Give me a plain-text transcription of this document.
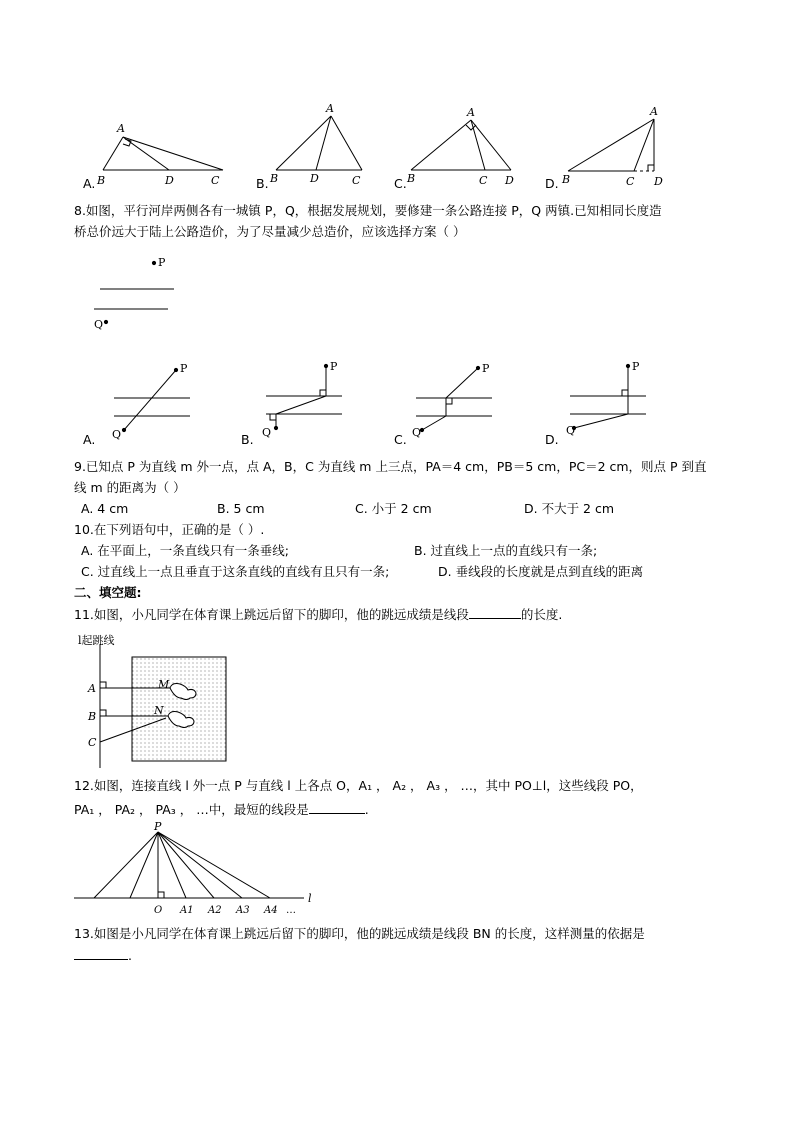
A.
A
B	D	C	B.
A
B	D	C	C.
A
B	C D D.
A
B	C D
8.如图，平行河岸两侧各有一城镇 P，Q，根据发展规划，要修建一条公路连接 P，Q 两镇.已知相同长度造
桥总价远大于陆上公路造价，为了尽量减少总造价，应该选择方案（ ）
P
Q
A.
P
Q	B.
P
Q	C.
P
Q	D.
P
Q
9.已知点 P 为直线 m 外一点，点 A，B，C 为直线 m 上三点，PA＝4 cm，PB＝5 cm，PC＝2 cm，则点 P 到直
线 m 的距离为（ ）
A. 4 cm	B. 5 cm	C. 小于 2 cm	D. 不大于 2 cm
10.在下列语句中，正确的是（ ）.
A. 在平面上，一条直线只有一条垂线;	B. 过直线上一点的直线只有一条;
C. 过直线上一点且垂直于这条直线的直线有且只有一条;	D. 垂线段的长度就是点到直线的距离
二、填空题:
11.如图，小凡同学在体育课上跳远后留下的脚印，他的跳远成绩是线段	的长度.
l起跳线
A
B
C
M
N
12.如图，连接直线 l 外一点 P 与直线 l 上各点 O，A₁ ， A₂ ， A₃ ， …，其中 PO⊥l，这些线段 PO，
PA₁ ， PA₂ ， PA₃ ， …中，最短的线段是	.
P
l
O A1 A2 A3 A4 …
13.如图是小凡同学在体育课上跳远后留下的脚印，他的跳远成绩是线段 BN 的长度，这样测量的依据是
.
